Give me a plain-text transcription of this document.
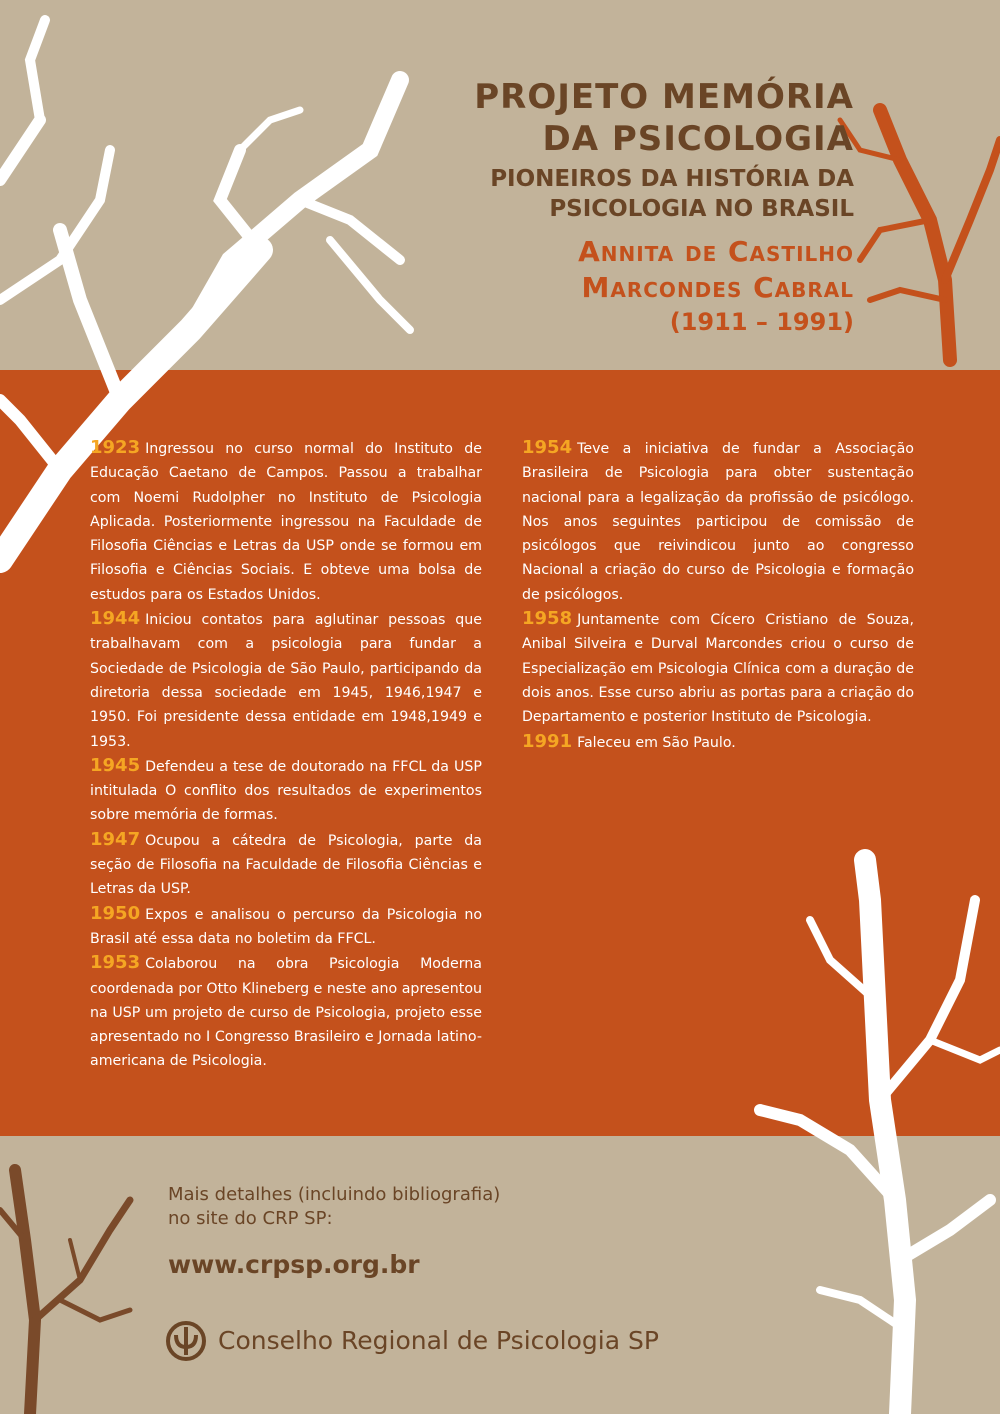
PROJETO MEMÓRIA

DA PSICOLOGIA

PIONEIROS DA HISTÓRIA DA

PSICOLOGIA NO BRASIL

Annita de Castilho

Marcondes Cabral

(1911 – 1991)

1923 Ingressou no curso normal do Instituto de Educação Caetano de Campos. Passou a trabalhar com Noemi Rudolpher no Instituto de Psicologia Aplicada. Posteriormente ingressou na Faculdade de Filosofia Ciências e Letras da USP onde se formou em Filosofia e Ciências Sociais. E obteve uma bolsa de estudos para os Estados Unidos.

1944 Iniciou contatos para aglutinar pessoas que trabalhavam com a psicologia para fundar a Sociedade de Psicologia de São Paulo, participando da diretoria dessa sociedade em 1945, 1946,1947 e 1950. Foi presidente dessa entidade em 1948,1949 e 1953.

1945 Defendeu a tese de doutorado na FFCL da USP intitulada O conflito dos resultados de experimentos sobre memória de formas.

1947 Ocupou a cátedra de Psicologia, parte da seção de Filosofia na Faculdade de Filosofia Ciências e Letras da USP.

1950 Expos e analisou o percurso da Psicologia no Brasil até essa data no boletim da FFCL.

1953 Colaborou na obra Psicologia Moderna coordenada por Otto Klineberg e neste ano apresentou na USP um projeto de curso de Psicologia, projeto esse apresentado no I Congresso Brasileiro e Jornada latino-americana de Psicologia.

1954 Teve a iniciativa de fundar a Associação Brasileira de Psicologia para obter sustentação nacional para a legalização da profissão de psicólogo. Nos anos seguintes participou de comissão de psicólogos que reivindicou junto ao congresso Nacional a criação do curso de Psicologia e formação de psicólogos.

1958 Juntamente com Cícero Cristiano de Souza, Anibal Silveira e Durval Marcondes criou o curso de Especialização em Psicologia Clínica com a duração de dois anos. Esse curso abriu as portas para a criação do Departamento e posterior Instituto de Psicologia.

1991 Faleceu em São Paulo.

Mais detalhes (incluindo bibliografia)

no site do CRP SP:

www.crpsp.org.br

Conselho Regional de Psicologia SP
